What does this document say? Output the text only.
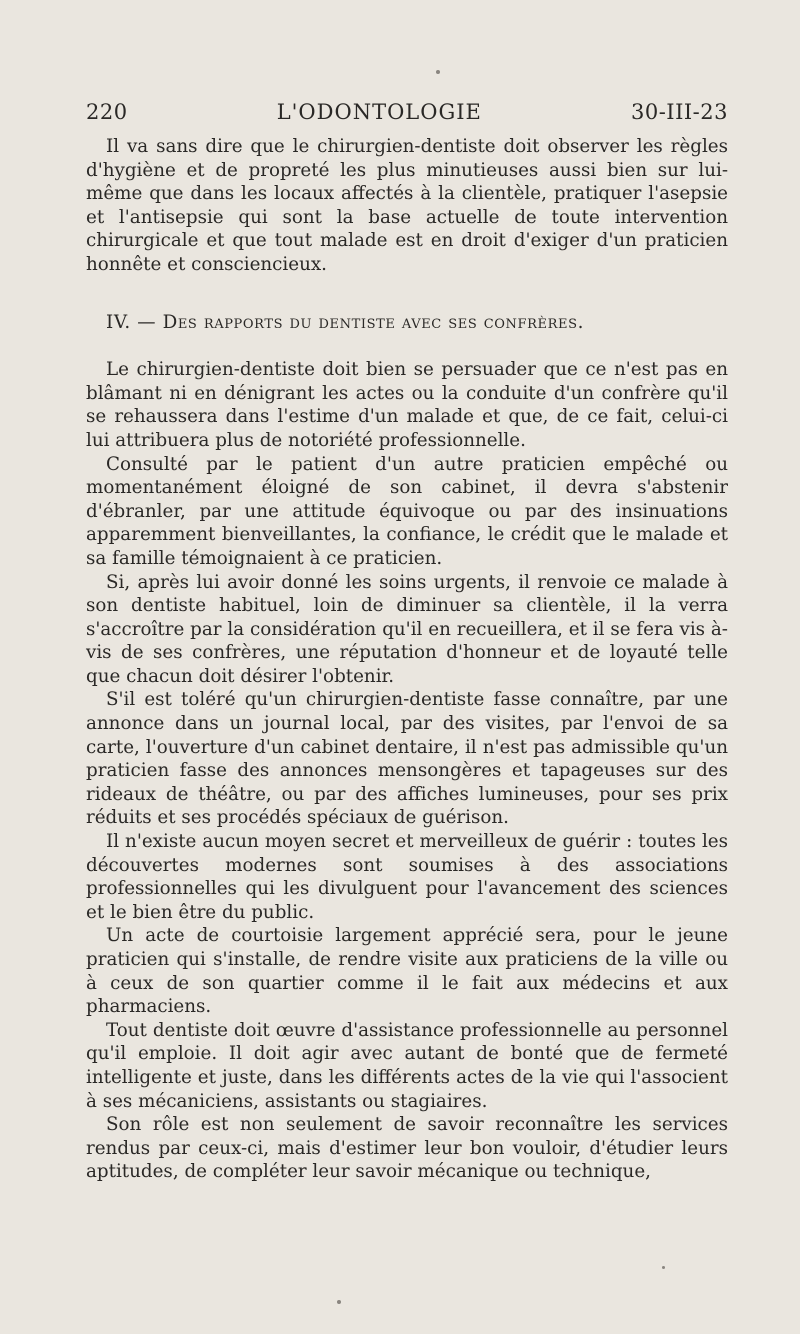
220	L'ODONTOLOGIE	30-III-23

Il va sans dire que le chirurgien-dentiste doit observer les règles d'hygiène et de propreté les plus minutieuses aussi bien sur lui-même que dans les locaux affectés à la clientèle, pratiquer l'asepsie et l'antisepsie qui sont la base actuelle de toute intervention chirurgicale et que tout malade est en droit d'exiger d'un praticien honnête et consciencieux.

IV. — Des rapports du dentiste avec ses confrères.

Le chirurgien-dentiste doit bien se persuader que ce n'est pas en blâmant ni en dénigrant les actes ou la conduite d'un confrère qu'il se rehaussera dans l'estime d'un malade et que, de ce fait, celui-ci lui attribuera plus de notoriété professionnelle.

Consulté par le patient d'un autre praticien empêché ou momentanément éloigné de son cabinet, il devra s'abstenir d'ébranler, par une attitude équivoque ou par des insinuations apparemment bienveillantes, la confiance, le crédit que le malade et sa famille témoignaient à ce praticien.

Si, après lui avoir donné les soins urgents, il renvoie ce malade à son dentiste habituel, loin de diminuer sa clientèle, il la verra s'accroître par la considération qu'il en recueillera, et il se fera vis à-vis de ses confrères, une réputation d'honneur et de loyauté telle que chacun doit désirer l'obtenir.

S'il est toléré qu'un chirurgien-dentiste fasse connaître, par une annonce dans un journal local, par des visites, par l'envoi de sa carte, l'ouverture d'un cabinet dentaire, il n'est pas admissible qu'un praticien fasse des annonces mensongères et tapageuses sur des rideaux de théâtre, ou par des affiches lumineuses, pour ses prix réduits et ses procédés spéciaux de guérison.

Il n'existe aucun moyen secret et merveilleux de guérir : toutes les découvertes modernes sont soumises à des associations professionnelles qui les divulguent pour l'avancement des sciences et le bien être du public.

Un acte de courtoisie largement apprécié sera, pour le jeune praticien qui s'installe, de rendre visite aux praticiens de la ville ou à ceux de son quartier comme il le fait aux médecins et aux pharmaciens.

Tout dentiste doit œuvre d'assistance professionnelle au personnel qu'il emploie. Il doit agir avec autant de bonté que de fermeté intelligente et juste, dans les différents actes de la vie qui l'associent à ses mécaniciens, assistants ou stagiaires.

Son rôle est non seulement de savoir reconnaître les services rendus par ceux-ci, mais d'estimer leur bon vouloir, d'étudier leurs aptitudes, de compléter leur savoir mécanique ou technique,
